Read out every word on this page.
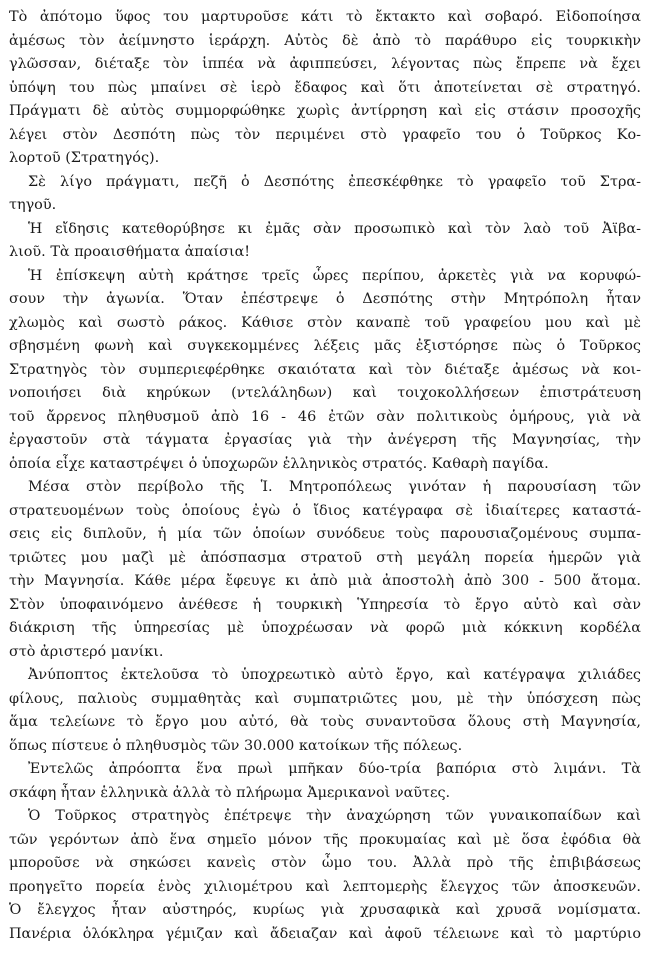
Τὸ ἀπότομο ὕφος του μαρτυροῦσε κάτι τὸ ἔκτακτο καὶ σοβαρό. Εἰδοποίησα
ἀμέσως τὸν ἀείμνηστο ἱεράρχη. Αὐτὸς δὲ ἀπὸ τὸ παράθυρο εἰς τουρκικὴν
γλῶσσαν, διέταξε τὸν ἱππέα νὰ ἀφιππεύσει, λέγοντας πὼς ἔπρεπε νὰ ἔχει
ὑπόψη του πὼς μπαίνει σὲ ἱερὸ ἔδαφος καὶ ὅτι ἀποτείνεται σὲ στρατηγό.
Πράγματι δὲ αὐτὸς συμμορφώθηκε χωρὶς ἀντίρρηση καὶ εἰς στάσιν προσοχῆς
λέγει στὸν Δεσπότη πὼς τὸν περιμένει στὸ γραφεῖο του ὁ Τοῦρκος Κο-
λορτοῦ (Στρατηγός).
Σὲ λίγο πράγματι, πεζῆ ὁ Δεσπότης ἐπεσκέφθηκε τὸ γραφεῖο τοῦ Στρα-
τηγοῦ.
Ἡ εἴδησις κατεθορύβησε κι ἐμᾶς σὰν προσωπικὸ καὶ τὸν λαὸ τοῦ Ἀϊβα-
λιοῦ. Τὰ προαισθήματα ἀπαίσια!
Ἡ ἐπίσκεψη αὐτὴ κράτησε τρεῖς ὧρες περίπου, ἀρκετὲς γιὰ να κορυφώ-
σουν τὴν ἀγωνία. Ὅταν ἐπέστρεψε ὁ Δεσπότης στὴν Μητρόπολη ἦταν
χλωμὸς καὶ σωστὸ ράκος. Κάθισε στὸν καναπὲ τοῦ γραφείου μου καὶ μὲ
σβησμένη φωνὴ καὶ συγκεκομμένες λέξεις μᾶς ἐξιστόρησε πὼς ὁ Τοῦρκος
Στρατηγὸς τὸν συμπεριεφέρθηκε σκαιότατα καὶ τὸν διέταξε ἀμέσως νὰ κοι-
νοποιήσει διὰ κηρύκων (ντελάληδων) καὶ τοιχοκολλήσεων ἐπιστράτευση
τοῦ ἄρρενος πληθυσμοῦ ἀπὸ 16 - 46 ἐτῶν σὰν πολιτικοὺς ὁμήρους, γιὰ νὰ
ἐργαστοῦν στὰ τάγματα ἐργασίας γιὰ τὴν ἀνέγερση τῆς Μαγνησίας, τὴν
ὁποία εἶχε καταστρέψει ὁ ὑποχωρῶν ἑλληνικὸς στρατός. Καθαρὴ παγίδα.
Μέσα στὸν περίβολο τῆς Ἱ. Μητροπόλεως γινόταν ἡ παρουσίαση τῶν
στρατευομένων τοὺς ὁποίους ἐγὼ ὁ ἴδιος κατέγραφα σὲ ἰδιαίτερες καταστά-
σεις εἰς διπλοῦν, ἡ μία τῶν ὁποίων συνόδευε τοὺς παρουσιαζομένους συμπα-
τριῶτες μου μαζὶ μὲ ἀπόσπασμα στρατοῦ στὴ μεγάλη πορεία ἡμερῶν γιὰ
τὴν Μαγνησία. Κάθε μέρα ἔφευγε κι ἀπὸ μιὰ ἀποστολὴ ἀπὸ 300 - 500 ἄτομα.
Στὸν ὑποφαινόμενο ἀνέθεσε ἡ τουρκικὴ Ὑπηρεσία τὸ ἔργο αὐτὸ καὶ σὰν
διάκριση τῆς ὑπηρεσίας μὲ ὑποχρέωσαν νὰ φορῶ μιὰ κόκκινη κορδέλα
στὸ ἀριστερό μανίκι.
Ἀνύποπτος ἐκτελοῦσα τὸ ὑποχρεωτικὸ αὐτὸ ἔργο, καὶ κατέγραψα χιλιάδες
φίλους, παλιοὺς συμμαθητὰς καὶ συμπατριῶτες μου, μὲ τὴν ὑπόσχεση πὼς
ἅμα τελείωνε τὸ ἔργο μου αὐτό, θὰ τοὺς συναντοῦσα ὅλους στὴ Μαγνησία,
ὅπως πίστευε ὁ πληθυσμὸς τῶν 30.000 κατοίκων τῆς πόλεως.
Ἐντελῶς ἀπρόοπτα ἕνα πρωὶ μπῆκαν δύο-τρία βαπόρια στὸ λιμάνι. Τὰ
σκάφη ἦταν ἑλληνικὰ ἀλλὰ τὸ πλήρωμα Ἀμερικανοὶ ναῦτες.
Ὁ Τοῦρκος στρατηγὸς ἐπέτρεψε τὴν ἀναχώρηση τῶν γυναικοπαίδων καὶ
τῶν γερόντων ἀπὸ ἕνα σημεῖο μόνον τῆς προκυμαίας καὶ μὲ ὅσα ἐφόδια θὰ
μποροῦσε νὰ σηκώσει κανεὶς στὸν ὦμο του. Ἀλλὰ πρὸ τῆς ἐπιβιβάσεως
προηγεῖτο πορεία ἑνὸς χιλιομέτρου καὶ λεπτομερὴς ἔλεγχος τῶν ἀποσκευῶν.
Ὁ ἔλεγχος ἦταν αὐστηρός, κυρίως γιὰ χρυσαφικὰ καὶ χρυσᾶ νομίσματα.
Πανέρια ὁλόκληρα γέμιζαν καὶ ἄδειαζαν καὶ ἀφοῦ τέλειωνε καὶ τὸ μαρτύριο
